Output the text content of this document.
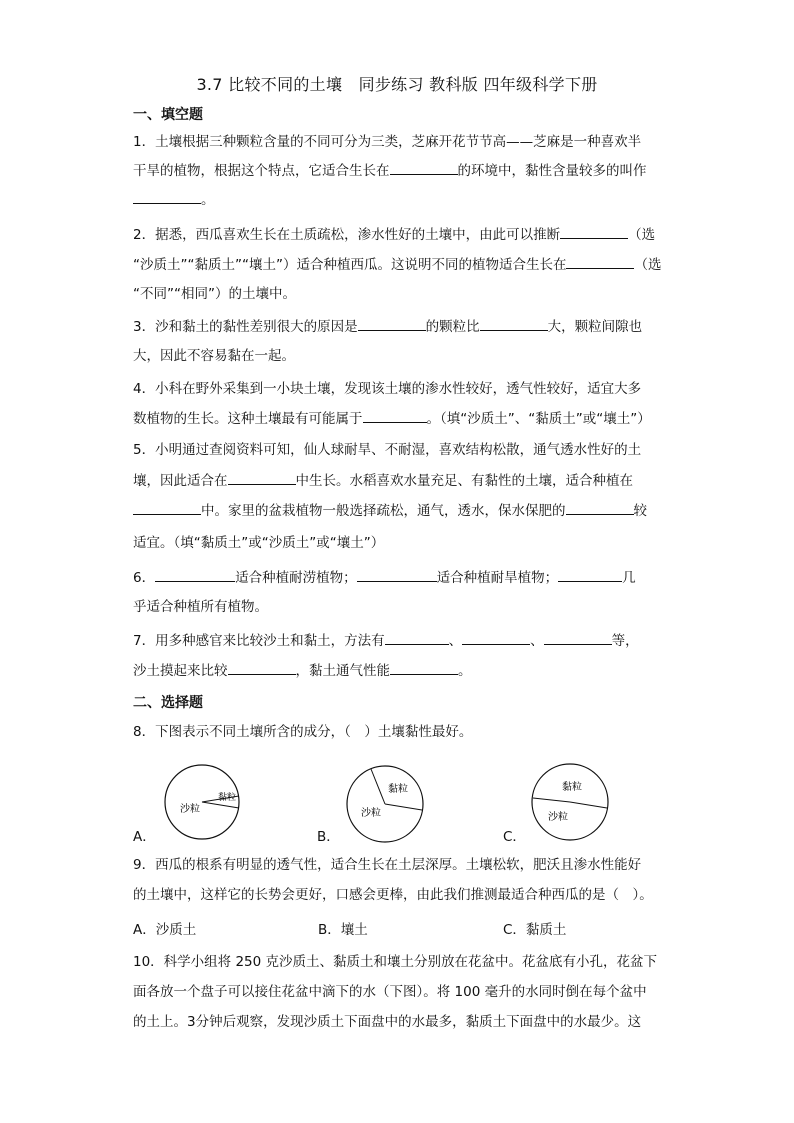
3.7 比较不同的土壤　同步练习 教科版 四年级科学下册
一、填空题
1．土壤根据三种颗粒含量的不同可分为三类，芝麻开花节节高——芝麻是一种喜欢半
干旱的植物，根据这个特点，它适合生长在	的环境中，黏性含量较多的叫作
。
2．据悉，西瓜喜欢生长在土质疏松，渗水性好的土壤中，由此可以推断	（选
“沙质土”“黏质土”“壤土”）适合种植西瓜。这说明不同的植物适合生长在	（选
“不同”“相同”）的土壤中。
3．沙和黏土的黏性差别很大的原因是	的颗粒比	大，颗粒间隙也
大，因此不容易黏在一起。
4．小科在野外采集到一小块土壤，发现该土壤的渗水性较好，透气性较好，适宜大多
数植物的生长。这种土壤最有可能属于	。（填“沙质土”、“黏质土”或“壤土”）
5．小明通过查阅资料可知，仙人球耐旱、不耐湿，喜欢结构松散，通气透水性好的土
壤，因此适合在	中生长。水稻喜欢水量充足、有黏性的土壤，适合种植在
中。家里的盆栽植物一般选择疏松，通气，透水，保水保肥的	较
适宜。（填“黏质土”或“沙质土”或“壤土”）
6．	适合种植耐涝植物；	适合种植耐旱植物；	几
乎适合种植所有植物。
7．用多种感官来比较沙土和黏土，方法有	、	、	等，
沙土摸起来比较	，黏土通气性能	。
二、选择题
8．下图表示不同土壤所含的成分，（　）土壤黏性最好。
A．	B．	C．
黏粒
沙粒
黏粒
沙粒
黏粒
沙粒
9．西瓜的根系有明显的透气性，适合生长在土层深厚。土壤松软，肥沃且渗水性能好
的土壤中，这样它的长势会更好，口感会更棒，由此我们推测最适合种西瓜的是（　）。
A．沙质土	B．壤土	C．黏质土
10．科学小组将 250 克沙质土、黏质土和壤土分别放在花盆中。花盆底有小孔，花盆下
面各放一个盘子可以接住花盆中滴下的水（下图）。将 100 毫升的水同时倒在每个盆中
的土上。3分钟后观察，发现沙质土下面盘中的水最多，黏质土下面盘中的水最少。这
